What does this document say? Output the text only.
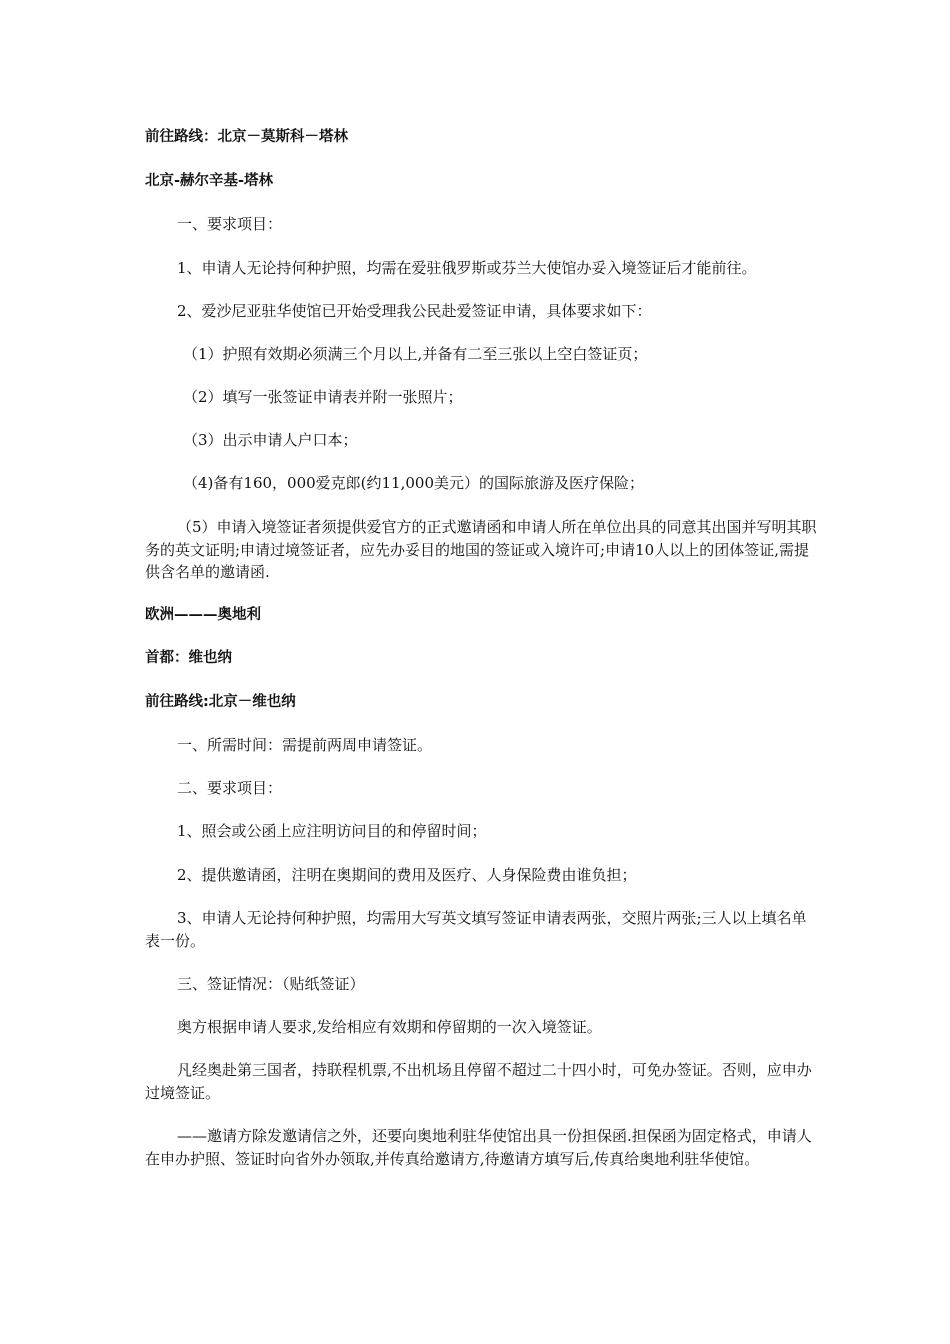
前往路线：北京－莫斯科－塔林
北京-赫尔辛基-塔林
一、要求项目：
1、申请人无论持何种护照，均需在爱驻俄罗斯或芬兰大使馆办妥入境签证后才能前往。
2、爱沙尼亚驻华使馆已开始受理我公民赴爱签证申请，具体要求如下：
（1）护照有效期必须满三个月以上,并备有二至三张以上空白签证页；
（2）填写一张签证申请表并附一张照片；
（3）出示申请人户口本；
（4)备有160，000爱克郎(约11,000美元）的国际旅游及医疗保险；
（5）申请入境签证者须提供爱官方的正式邀请函和申请人所在单位出具的同意其出国并写明其职务的英文证明;申请过境签证者，应先办妥目的地国的签证或入境许可;申请10人以上的团体签证,需提供含名单的邀请函.
欧洲———奥地利
首都：维也纳
前往路线:北京－维也纳
一、所需时间：需提前两周申请签证。
二、要求项目：
1、照会或公函上应注明访问目的和停留时间；
2、提供邀请函，注明在奥期间的费用及医疗、人身保险费由谁负担；
3、申请人无论持何种护照，均需用大写英文填写签证申请表两张，交照片两张;三人以上填名单表一份。
三、签证情况：（贴纸签证）
奥方根据申请人要求,发给相应有效期和停留期的一次入境签证。
凡经奥赴第三国者，持联程机票,不出机场且停留不超过二十四小时，可免办签证。否则，应申办过境签证。
——邀请方除发邀请信之外，还要向奥地利驻华使馆出具一份担保函.担保函为固定格式，申请人在申办护照、签证时向省外办领取,并传真给邀请方,待邀请方填写后,传真给奥地利驻华使馆。
